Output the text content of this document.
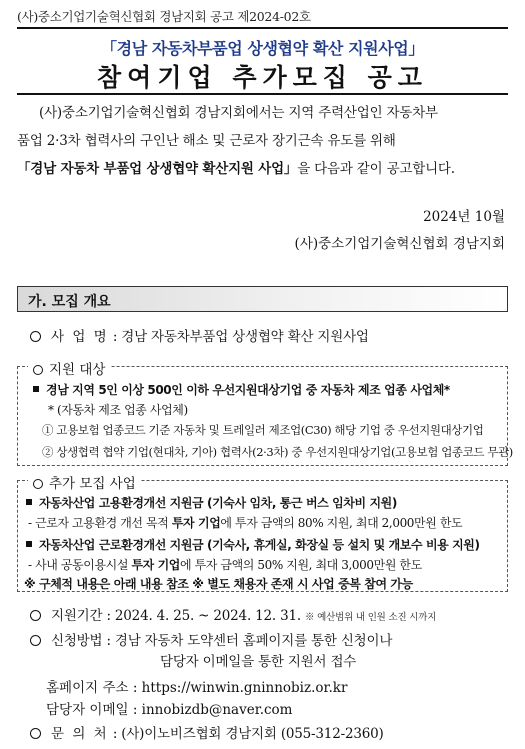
(사)중소기업기술혁신협회 경남지회 공고 제2024-02호
「경남 자동차부품업 상생협약 확산 지원사업」
참여기업 추가모집 공고
(사)중소기업기술혁신협회 경남지회에서는 지역 주력산업인 자동차부
품업 2·3차 협력사의 구인난 해소 및 근로자 장기근속 유도를 위해
「경남 자동차 부품업 상생협약 확산지원 사업」을 다음과 같이 공고합니다.
2024년 10월
(사)중소기업기술혁신협회 경남지회
가. 모집 개요
사 업 명 : 경남 자동차부품업 상생협약 확산 지원사업
지원 대상
경남 지역 5인 이상 500인 이하 우선지원대상기업 중 자동차 제조 업종 사업체*
* (자동차 제조 업종 사업체)
① 고용보험 업종코드 기준 자동차 및 트레일러 제조업(C30) 해당 기업 중 우선지원대상기업
② 상생협력 협약 기업(현대차, 기아) 협력사(2·3차) 중 우선지원대상기업(고용보험 업종코드 무관)
추가 모집 사업
자동차산업 고용환경개선 지원금 (기숙사 임차, 통근 버스 임차비 지원)
- 근로자 고용환경 개선 목적 투자 기업에 투자 금액의 80% 지원, 최대 2,000만원 한도
자동차산업 근로환경개선 지원금 (기숙사, 휴게실, 화장실 등 설치 및 개보수 비용 지원)
- 사내 공동이용시설 투자 기업에 투자 금액의 50% 지원, 최대 3,000만원 한도
※ 구체적 내용은 아래 내용 참조 ※ 별도 채용자 존재 시 사업 중복 참여 가능
지원기간 : 2024. 4. 25. ~ 2024. 12. 31. ※ 예산범위 내 인원 소진 시까지
신청방법 : 경남 자동차 도약센터 홈페이지를 통한 신청이나
담당자 이메일을 통한 지원서 접수
홈페이지 주소 : https://winwin.gninnobiz.or.kr
담당자 이메일 : innobizdb@naver.com
문 의 처 : (사)이노비즈협회 경남지회 (055-312-2360)
